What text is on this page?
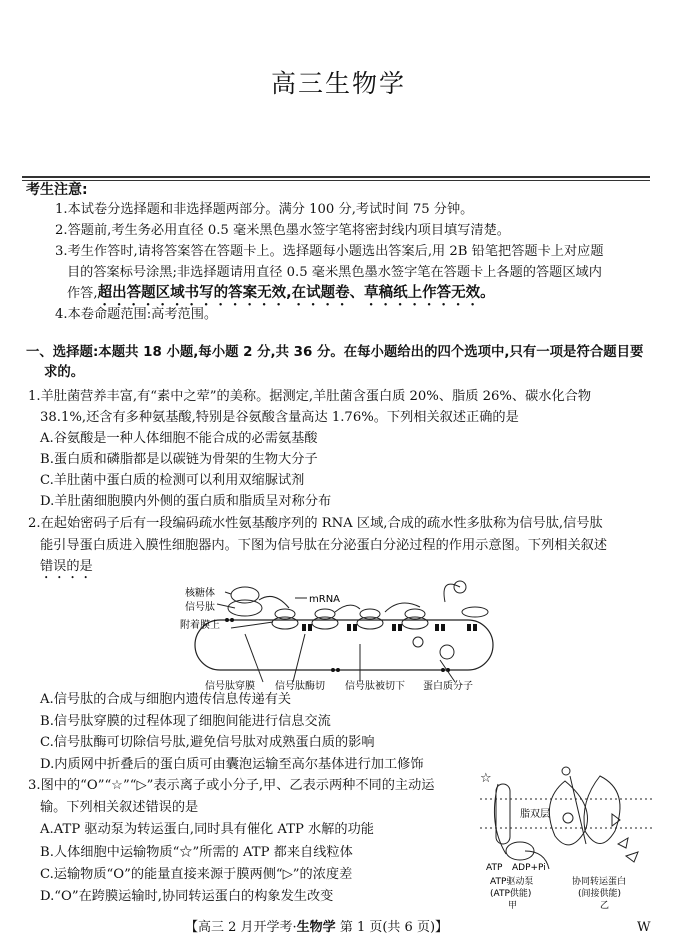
高三生物学
考生注意:
1.本试卷分选择题和非选择题两部分。满分 100 分,考试时间 75 分钟。
2.答题前,考生务必用直径 0.5 毫米黑色墨水签字笔将密封线内项目填写清楚。
3.考生作答时,请将答案答在答题卡上。选择题每小题选出答案后,用 2B 铅笔把答题卡上对应题
目的答案标号涂黑;非选择题请用直径 0.5 毫米黑色墨水签字笔在答题卡上各题的答题区域内
作答,超出答题区域书写的答案无效,在试题卷、草稿纸上作答无效。
4.本卷命题范围:高考范围。
一、选择题:本题共 18 小题,每小题 2 分,共 36 分。在每小题给出的四个选项中,只有一项是符合题目要
求的。
1.羊肚菌营养丰富,有“素中之荤”的美称。据测定,羊肚菌含蛋白质 20%、脂质 26%、碳水化合物
38.1%,还含有多种氨基酸,特别是谷氨酸含量高达 1.76%。下列相关叙述正确的是
A.谷氨酸是一种人体细胞不能合成的必需氨基酸
B.蛋白质和磷脂都是以碳链为骨架的生物大分子
C.羊肚菌中蛋白质的检测可以利用双缩脲试剂
D.羊肚菌细胞膜内外侧的蛋白质和脂质呈对称分布
2.在起始密码子后有一段编码疏水性氨基酸序列的 RNA 区域,合成的疏水性多肽称为信号肽,信号肽
能引导蛋白质进入膜性细胞器内。下图为信号肽在分泌蛋白分泌过程的作用示意图。下列相关叙述
错误的是
核糖体
mRNA
信号肽
附着膜上
信号肽穿膜 信号肽酶切 信号肽被切下 蛋白质分子
A.信号肽的合成与细胞内遗传信息传递有关
B.信号肽穿膜的过程体现了细胞间能进行信息交流
C.信号肽酶可切除信号肽,避免信号肽对成熟蛋白质的影响
D.内质网中折叠后的蛋白质可由囊泡运输至高尔基体进行加工修饰
3.图中的“O”“☆”“▷”表示离子或小分子,甲、乙表示两种不同的主动运
输。下列相关叙述错误的是
A.ATP 驱动泵为转运蛋白,同时具有催化 ATP 水解的功能
B.人体细胞中运输物质“☆”所需的 ATP 都来自线粒体
C.运输物质“O”的能量直接来源于膜两侧“▷”的浓度差
D.“O”在跨膜运输时,协同转运蛋白的构象发生改变
☆
脂双层
ATP ADP+Pi
ATP驱动泵
(ATP供能)
协同转运蛋白
(间接供能)
甲	乙
【高三 2 月开学考·生物学 第 1 页(共 6 页)】	W
